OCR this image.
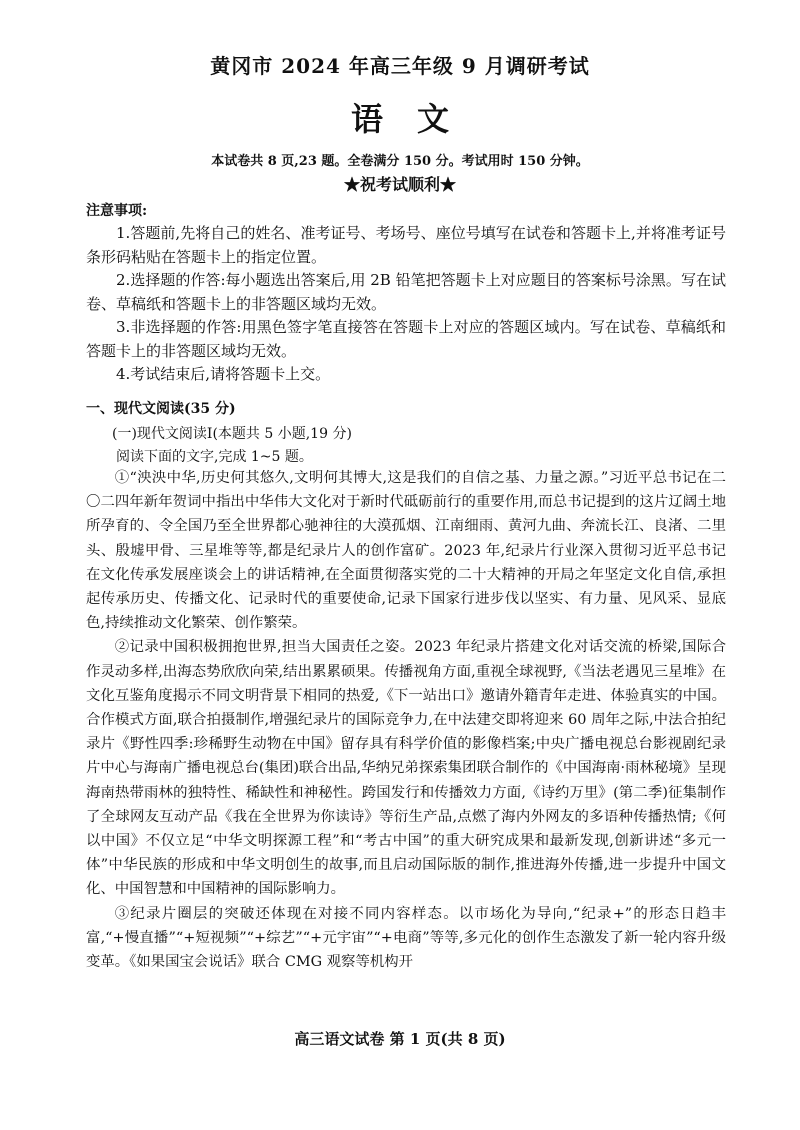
黄冈市 2024 年高三年级 9 月调研考试
语文
本试卷共 8 页,23 题。全卷满分 150 分。考试用时 150 分钟。
★祝考试顺利★
注意事项:

1.答题前,先将自己的姓名、准考证号、考场号、座位号填写在试卷和答题卡上,并将准考证号条形码粘贴在答题卡上的指定位置。

2.选择题的作答:每小题选出答案后,用 2B 铅笔把答题卡上对应题目的答案标号涂黑。写在试卷、草稿纸和答题卡上的非答题区域均无效。

3.非选择题的作答:用黑色签字笔直接答在答题卡上对应的答题区域内。写在试卷、草稿纸和答题卡上的非答题区域均无效。

4.考试结束后,请将答题卡上交。

一、现代文阅读(35 分)
(一)现代文阅读Ⅰ(本题共 5 小题,19 分)
阅读下面的文字,完成 1~5 题。

①“泱泱中华,历史何其悠久,文明何其博大,这是我们的自信之基、力量之源。”习近平总书记在二〇二四年新年贺词中指出中华伟大文化对于新时代砥砺前行的重要作用,而总书记提到的这片辽阔土地所孕育的、令全国乃至全世界都心驰神往的大漠孤烟、江南细雨、黄河九曲、奔流长江、良渚、二里头、殷墟甲骨、三星堆等等,都是纪录片人的创作富矿。2023 年,纪录片行业深入贯彻习近平总书记在文化传承发展座谈会上的讲话精神,在全面贯彻落实党的二十大精神的开局之年坚定文化自信,承担起传承历史、传播文化、记录时代的重要使命,记录下国家行进步伐以坚实、有力量、见风采、显底色,持续推动文化繁荣、创作繁荣。

②记录中国积极拥抱世界,担当大国责任之姿。2023 年纪录片搭建文化对话交流的桥梁,国际合作灵动多样,出海态势欣欣向荣,结出累累硕果。传播视角方面,重视全球视野,《当法老遇见三星堆》在文化互鉴角度揭示不同文明背景下相同的热爱,《下一站出口》邀请外籍青年走进、体验真实的中国。合作模式方面,联合拍摄制作,增强纪录片的国际竞争力,在中法建交即将迎来 60 周年之际,中法合拍纪录片《野性四季:珍稀野生动物在中国》留存具有科学价值的影像档案;中央广播电视总台影视剧纪录片中心与海南广播电视总台(集团)联合出品,华纳兄弟探索集团联合制作的《中国海南·雨林秘境》呈现海南热带雨林的独特性、稀缺性和神秘性。跨国发行和传播效力方面,《诗约万里》(第二季)征集制作了全球网友互动产品《我在全世界为你读诗》等衍生产品,点燃了海内外网友的多语种传播热情;《何以中国》不仅立足“中华文明探源工程”和“考古中国”的重大研究成果和最新发现,创新讲述“多元一体”中华民族的形成和中华文明创生的故事,而且启动国际版的制作,推进海外传播,进一步提升中国文化、中国智慧和中国精神的国际影响力。

③纪录片圈层的突破还体现在对接不同内容样态。以市场化为导向,“纪录+”的形态日趋丰富,“+慢直播”“+短视频”“+综艺”“+元宇宙”“+电商”等等,多元化的创作生态激发了新一轮内容升级变革。《如果国宝会说话》联合 CMG 观察等机构开

高三语文试卷 第 1 页(共 8 页)
